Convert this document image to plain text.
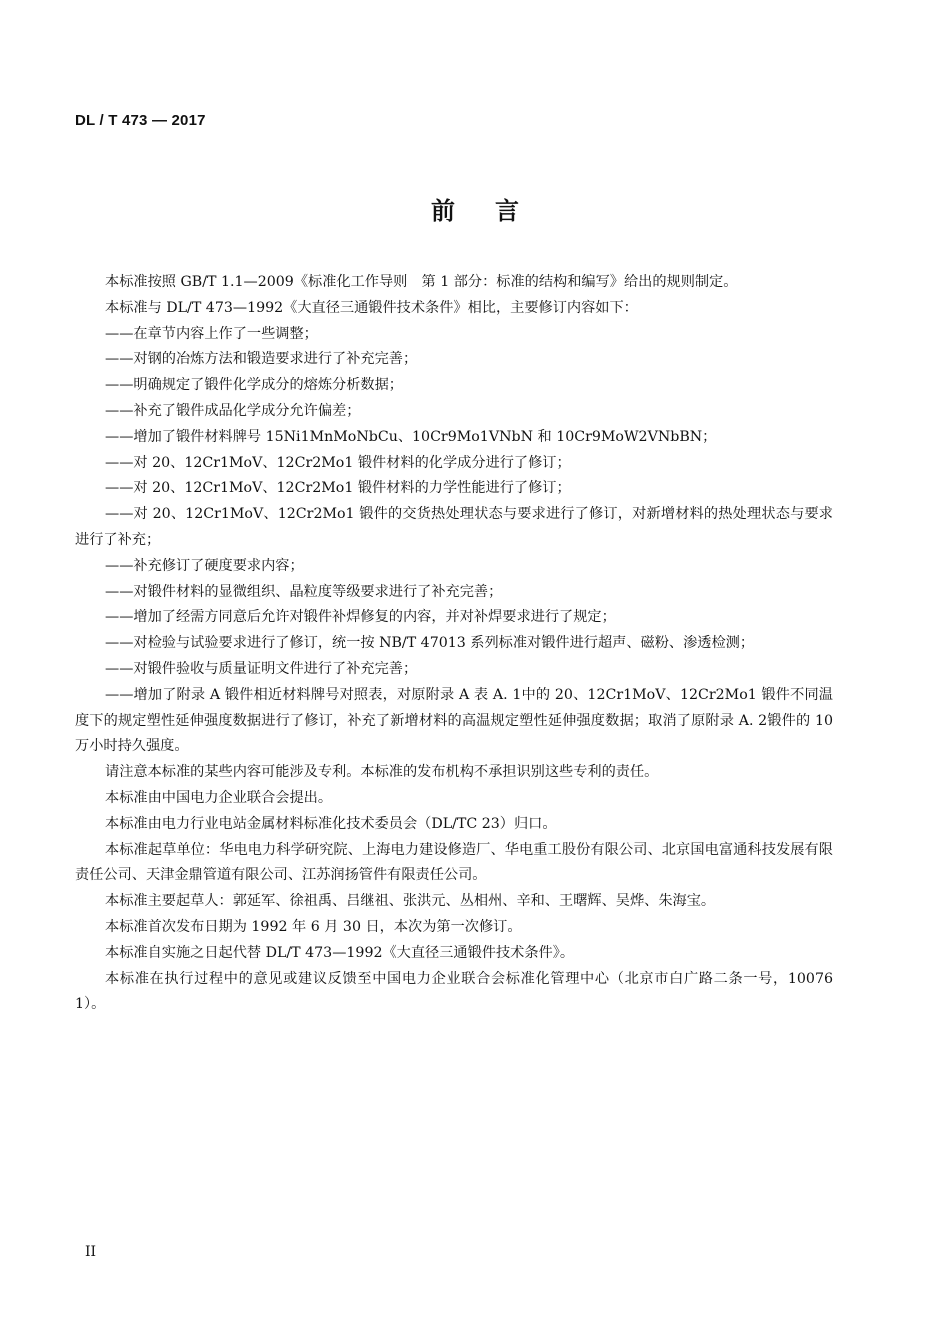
DL / T 473 — 2017
前言

本标准按照 GB/T 1.1—2009《标准化工作导则　第 1 部分：标准的结构和编写》给出的规则制定。

本标准与 DL/T 473—1992《大直径三通锻件技术条件》相比，主要修订内容如下：

——在章节内容上作了一些调整；

——对钢的冶炼方法和锻造要求进行了补充完善；

——明确规定了锻件化学成分的熔炼分析数据；

——补充了锻件成品化学成分允许偏差；

——增加了锻件材料牌号 15Ni1MnMoNbCu、10Cr9Mo1VNbN 和 10Cr9MoW2VNbBN；

——对 20、12Cr1MoV、12Cr2Mo1 锻件材料的化学成分进行了修订；

——对 20、12Cr1MoV、12Cr2Mo1 锻件材料的力学性能进行了修订；

——对 20、12Cr1MoV、12Cr2Mo1 锻件的交货热处理状态与要求进行了修订，对新增材料的热处理状态与要求进行了补充；

——补充修订了硬度要求内容；

——对锻件材料的显微组织、晶粒度等级要求进行了补充完善；

——增加了经需方同意后允许对锻件补焊修复的内容，并对补焊要求进行了规定；

——对检验与试验要求进行了修订，统一按 NB/T 47013 系列标准对锻件进行超声、磁粉、渗透检测；

——对锻件验收与质量证明文件进行了补充完善；

——增加了附录 A 锻件相近材料牌号对照表，对原附录 A 表 A. 1中的 20、12Cr1MoV、12Cr2Mo1 锻件不同温度下的规定塑性延伸强度数据进行了修订，补充了新增材料的高温规定塑性延伸强度数据；取消了原附录 A. 2锻件的 10 万小时持久强度。

请注意本标准的某些内容可能涉及专利。本标准的发布机构不承担识别这些专利的责任。

本标准由中国电力企业联合会提出。

本标准由电力行业电站金属材料标准化技术委员会（DL/TC 23）归口。

本标准起草单位：华电电力科学研究院、上海电力建设修造厂、华电重工股份有限公司、北京国电富通科技发展有限责任公司、天津金鼎管道有限公司、江苏润扬管件有限责任公司。

本标准主要起草人：郭延军、徐祖禹、吕继祖、张洪元、丛相州、辛和、王曙辉、吴烨、朱海宝。

本标准首次发布日期为 1992 年 6 月 30 日，本次为第一次修订。

本标准自实施之日起代替 DL/T 473—1992《大直径三通锻件技术条件》。

本标准在执行过程中的意见或建议反馈至中国电力企业联合会标准化管理中心（北京市白广路二条一号，100761）。

II
